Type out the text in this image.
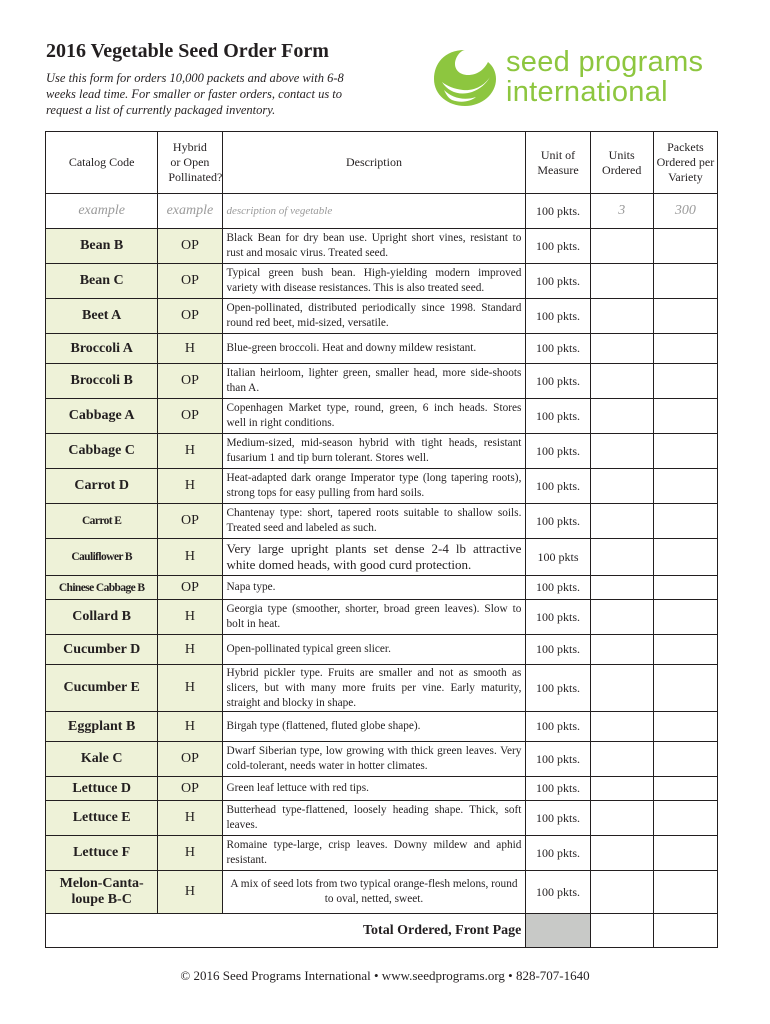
2016 Vegetable Seed Order Form

Use this form for orders 10,000 packets and above with 6-8 weeks lead time. For smaller or faster orders, contact us to request a list of currently packaged inventory.

seed programs
international
Catalog Code	Hybrid or Open Pollinated?	Description	Unit of Measure	Units Ordered	Packets Ordered per Variety
example	example	description of vegetable	100 pkts.	3	300
Bean B	OP	Black Bean for dry bean use. Upright short vines, resistant to rust and mosaic virus. Treated seed.	100 pkts.		
Bean C	OP	Typical green bush bean. High-yielding modern improved variety with disease resistances. This is also treated seed.	100 pkts.		
Beet A	OP	Open-pollinated, distributed periodically since 1998. Standard round red beet, mid-sized, versatile.	100 pkts.		
Broccoli A	H	Blue-green broccoli. Heat and downy mildew resistant.	100 pkts.		
Broccoli B	OP	Italian heirloom, lighter green, smaller head, more side-shoots than A.	100 pkts.		
Cabbage A	OP	Copenhagen Market type, round, green, 6 inch heads. Stores well in right conditions.	100 pkts.		
Cabbage C	H	Medium-sized, mid-season hybrid with tight heads, resistant fusarium 1 and tip burn tolerant. Stores well.	100 pkts.		
Carrot D	H	Heat-adapted dark orange Imperator type (long tapering roots), strong tops for easy pulling from hard soils.	100 pkts.		
Carrot E	OP	Chantenay type: short, tapered roots suitable to shallow soils. Treated seed and labeled as such.	100 pkts.		
Cauliflower B	H	Very large upright plants set dense 2-4 lb attractive white domed heads, with good curd protection.	100 pkts		
Chinese Cabbage B	OP	Napa type.	100 pkts.		
Collard B	H	Georgia type (smoother, shorter, broad green leaves). Slow to bolt in heat.	100 pkts.		
Cucumber D	H	Open-pollinated typical green slicer.	100 pkts.		
Cucumber E	H	Hybrid pickler type. Fruits are smaller and not as smooth as slicers, but with many more fruits per vine. Early maturity, straight and blocky in shape.	100 pkts.		
Eggplant B	H	Birgah type (flattened, fluted globe shape).	100 pkts.		
Kale C	OP	Dwarf Siberian type, low growing with thick green leaves. Very cold-tolerant, needs water in hotter climates.	100 pkts.		
Lettuce D	OP	Green leaf lettuce with red tips.	100 pkts.		
Lettuce E	H	Butterhead type-flattened, loosely heading shape. Thick, soft leaves.	100 pkts.		
Lettuce F	H	Romaine type-large, crisp leaves. Downy mildew and aphid resistant.	100 pkts.		
Melon-Canta-loupe B-C	H	A mix of seed lots from two typical orange-flesh melons, round to oval, netted, sweet.	100 pkts.		
Total Ordered, Front Page					

© 2016 Seed Programs International • www.seedprograms.org • 828-707-1640
